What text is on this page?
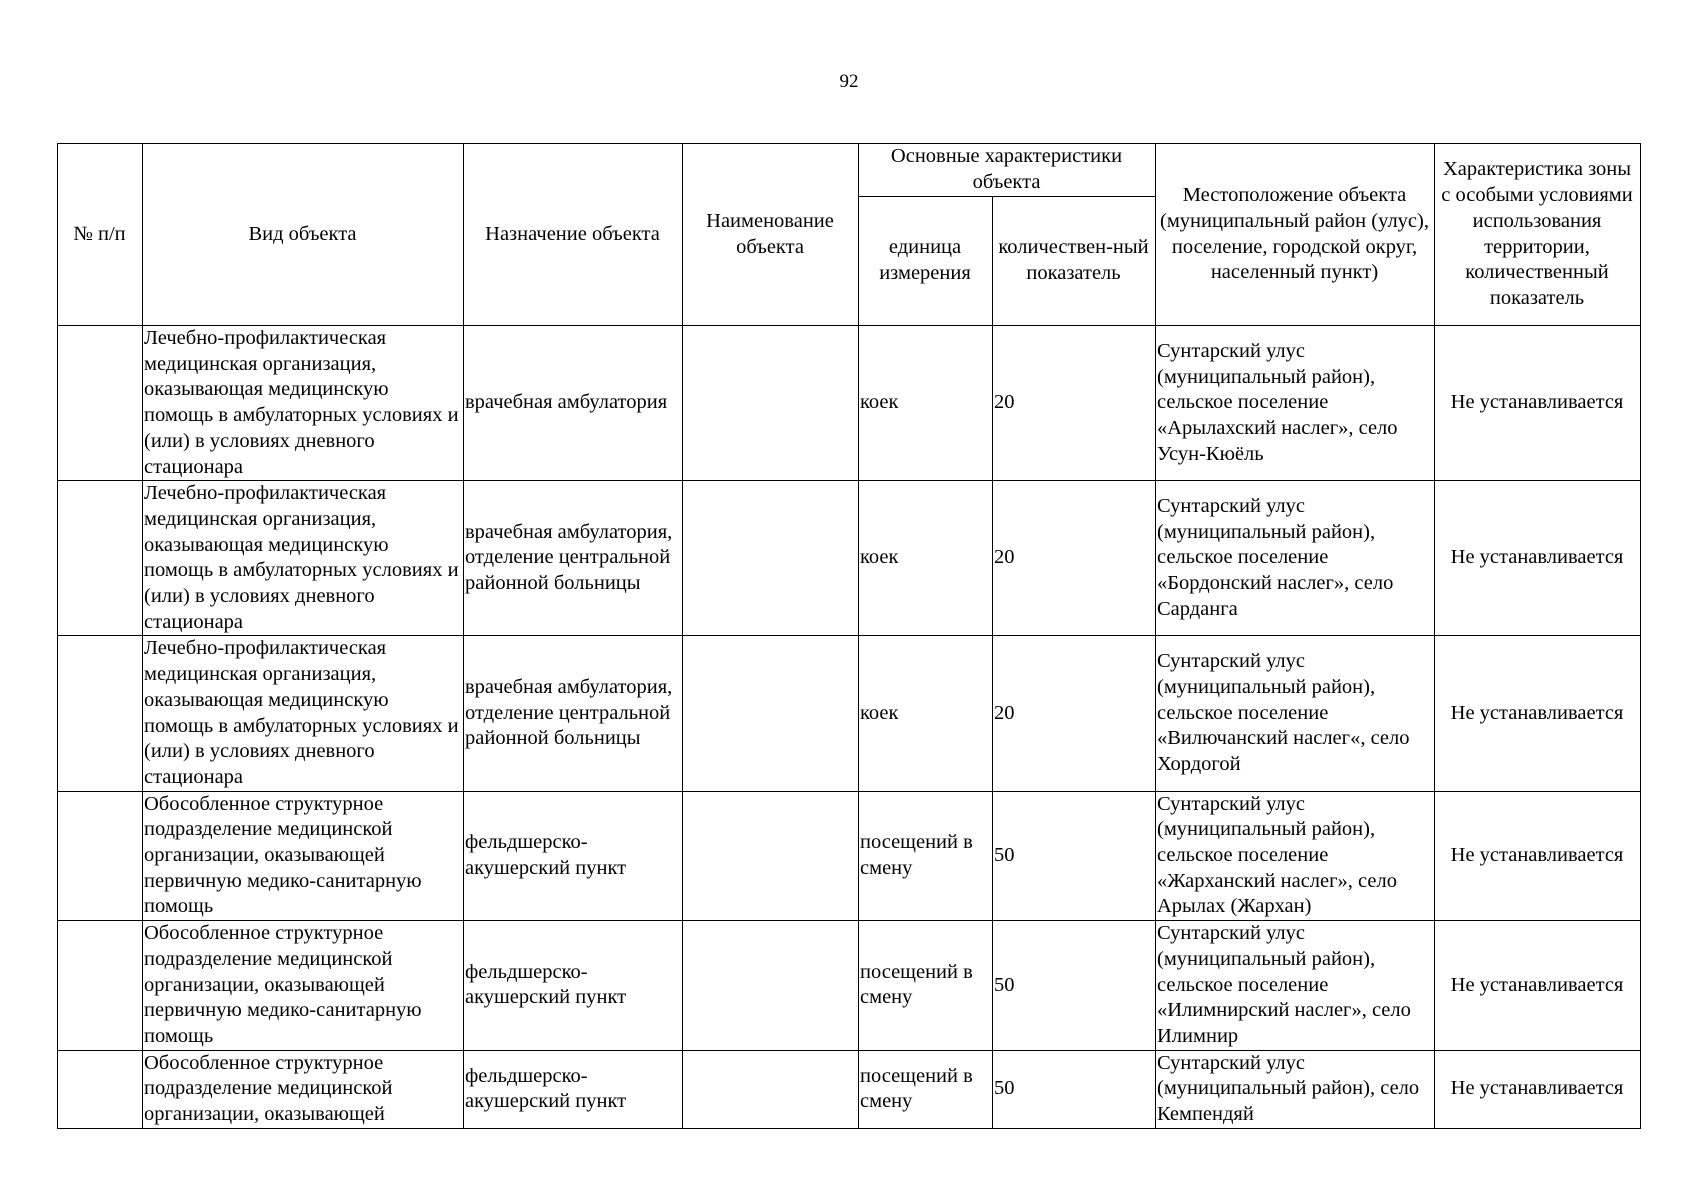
92
№ п/п	Вид объекта	Назначение объекта	Наименование объекта	Основные характеристики объекта		Местоположение объекта (муниципальный район (улус), поселение, городской округ, населенный пункт)	Характеристика зоны с особыми условиями использования территории, количественный показатель
				единица измерения	количествен-ный показатель		
	Лечебно-профилактическая медицинская организация, оказывающая медицинскую помощь в амбулаторных условиях и (или) в условиях дневного стационара	врачебная амбулатория		коек	20	Сунтарский улус (муниципальный район), сельское поселение «Арылахский наслег», село Усун-Кюёль	Не устанавливается
	Лечебно-профилактическая медицинская организация, оказывающая медицинскую помощь в амбулаторных условиях и (или) в условиях дневного стационара	врачебная амбулатория, отделение центральной районной больницы		коек	20	Сунтарский улус (муниципальный район), сельское поселение «Бордонский наслег», село Сарданга	Не устанавливается
	Лечебно-профилактическая медицинская организация, оказывающая медицинскую помощь в амбулаторных условиях и (или) в условиях дневного стационара	врачебная амбулатория, отделение центральной районной больницы		коек	20	Сунтарский улус (муниципальный район), сельское поселение «Вилючанский наслег«, село Хордогой	Не устанавливается
	Обособленное структурное подразделение медицинской организации, оказывающей первичную медико-санитарную помощь	фельдшерско-акушерский пункт		посещений в смену	50	Сунтарский улус (муниципальный район), сельское поселение «Жарханский наслег», село Арылах (Жархан)	Не устанавливается
	Обособленное структурное подразделение медицинской организации, оказывающей первичную медико-санитарную помощь	фельдшерско-акушерский пункт		посещений в смену	50	Сунтарский улус (муниципальный район), сельское поселение «Илимнирский наслег», село Илимнир	Не устанавливается
	Обособленное структурное подразделение медицинской организации, оказывающей	фельдшерско-акушерский пункт		посещений в смену	50	Сунтарский улус (муниципальный район), село Кемпендяй	Не устанавливается
